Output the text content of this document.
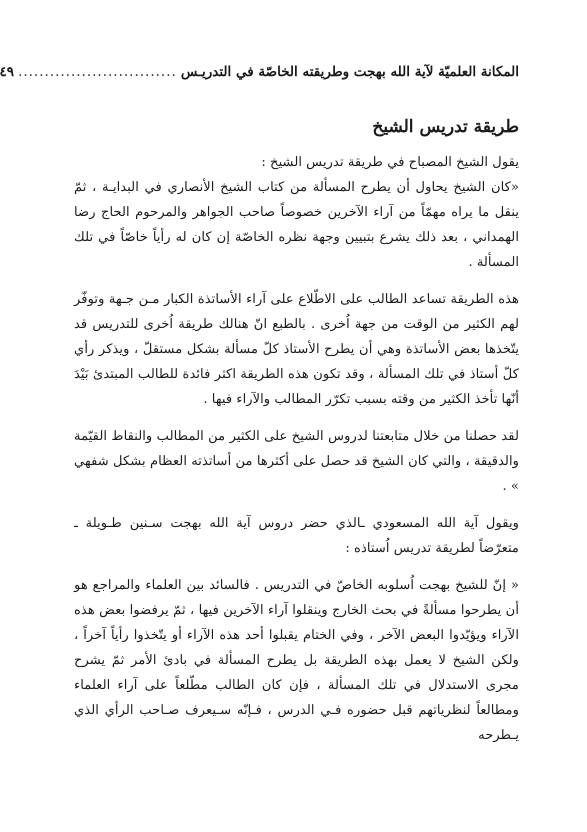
المكانة العلميّة لآية الله بهجت وطريقته الخاصّة في التدريـس
..............................
٤٩
طريقة تدريس الشيخ

يقول الشيخ المصباح في طريقة تدريس الشيخ :

«كان الشيخ يحاول أن يطرح المسألة من كتاب الشيخ الأنصاري في البدايـة ، ثمّ ينقل ما يراه مهمّاً من آراء الآخرين خصوصاً صاحب الجواهر والمرحوم الحاج رضا الهمداني ، بعد ذلك يشرع بتبيين وجهة نظره الخاصّة إن كان له رأياً خاصّاً في تلك المسألة .

هذه الطريقة تساعد الطالب على الاطّلاع على آراء الأساتذة الكبار مـن جـهة وتوفّر لهم الكثير من الوقت من جهة اُخرى . بالطبع انّ هنالك طريقة اُخرى للتدريس قد يتّخذها بعض الأساتذة وهي أن يطرح الأستاذ كلّ مسألة بشكل مستقلّ ، ويذكر رأي كلّ أستاذ في تلك المسألة ، وقد تكون هذه الطريقة اكثر فائدة للطالب المبتدئ بَيْدَ أنّها تأخذ الكثير من وقته بسبب تكرّر المطالب والآراء فيها .

لقد حصلنا من خلال متابعتنا لدروس الشيخ على الكثير من المطالب والنقاط القيّمة والدقيقة ، والتي كان الشيخ قد حصل على أكثرها من أساتذته العظام بشكل شفهي » .

ويقول آية الله المسعودي ـالذي حضر دروس آية الله بهجت سـنين طـويلة ـ متعرّضاً لطريقة تدريس اُستاذه :

« إنّ للشيخ بهجت اُسلوبه الخاصّ في التدريس . فالسائد بين العلماء والمراجع هو أن يطرحوا مسألةً في بحث الخارج وينقلوا آراء الآخرين فيها ، ثمّ يرفضوا بعض هذه الآراء ويؤيّدوا البعض الآخر ، وفي الختام يقبلوا أحد هذه الآراء أو يتّخذوا رأياً آخراً ، ولكن الشيخ لا يعمل بهذه الطريقة بل يطرح المسألة في بادئ الأمر ثمّ يشرح مجرى الاستدلال في تلك المسألة ، فإن كان الطالب مطّلعاً على آراء العلماء ومطالعاً لنظرياتهم قبل حضوره فـي الدرس ، فـإنّه سـيعرف صـاحب الرأي الذي يـطرحه
